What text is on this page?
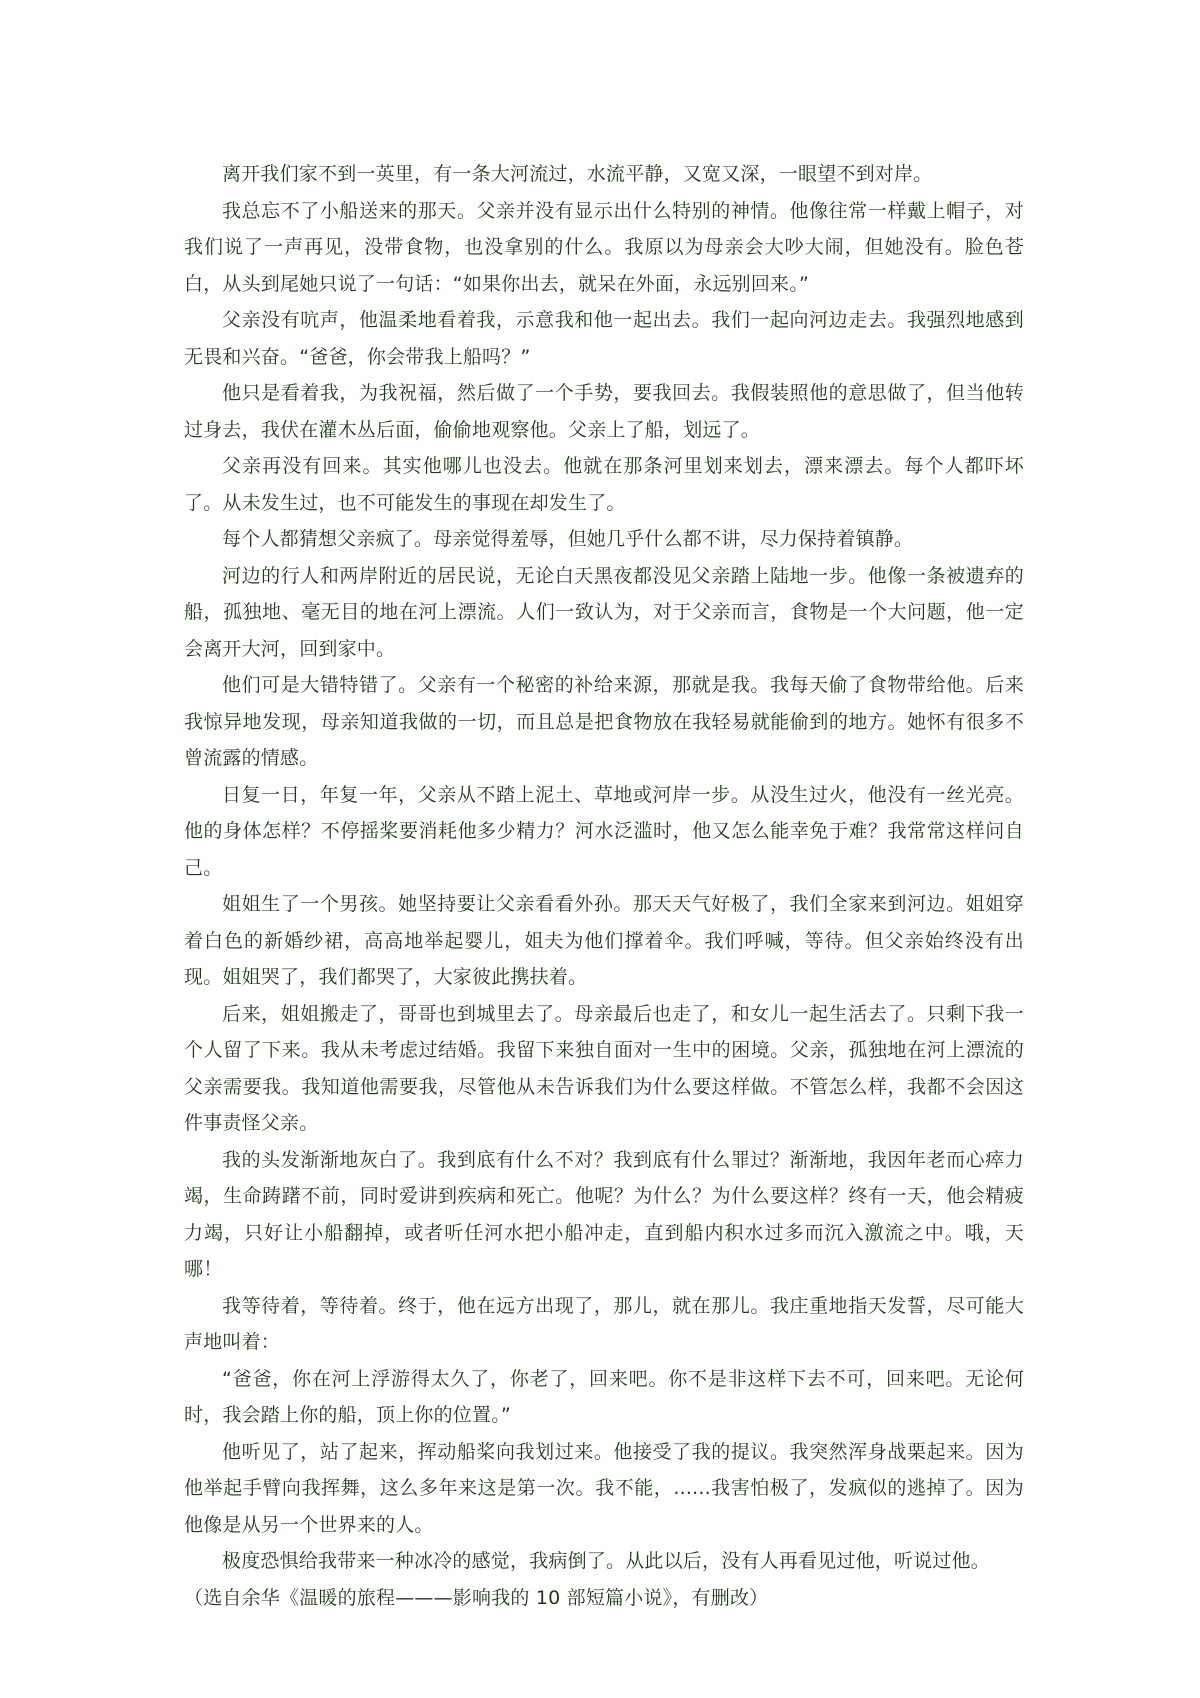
离开我们家不到一英里，有一条大河流过，水流平静，又宽又深，一眼望不到对岸。

我总忘不了小船送来的那天。父亲并没有显示出什么特别的神情。他像往常一样戴上帽子，对我们说了一声再见，没带食物，也没拿别的什么。我原以为母亲会大吵大闹，但她没有。脸色苍白，从头到尾她只说了一句话：“如果你出去，就呆在外面，永远别回来。”

父亲没有吭声，他温柔地看着我，示意我和他一起出去。我们一起向河边走去。我强烈地感到无畏和兴奋。“爸爸，你会带我上船吗？”

他只是看着我，为我祝福，然后做了一个手势，要我回去。我假装照他的意思做了，但当他转过身去，我伏在灌木丛后面，偷偷地观察他。父亲上了船，划远了。

父亲再没有回来。其实他哪儿也没去。他就在那条河里划来划去，漂来漂去。每个人都吓坏了。从未发生过，也不可能发生的事现在却发生了。

每个人都猜想父亲疯了。母亲觉得羞辱，但她几乎什么都不讲，尽力保持着镇静。

河边的行人和两岸附近的居民说，无论白天黑夜都没见父亲踏上陆地一步。他像一条被遗弃的船，孤独地、毫无目的地在河上漂流。人们一致认为，对于父亲而言，食物是一个大问题，他一定会离开大河，回到家中。

他们可是大错特错了。父亲有一个秘密的补给来源，那就是我。我每天偷了食物带给他。后来我惊异地发现，母亲知道我做的一切，而且总是把食物放在我轻易就能偷到的地方。她怀有很多不曾流露的情感。

日复一日，年复一年，父亲从不踏上泥土、草地或河岸一步。从没生过火，他没有一丝光亮。他的身体怎样？不停摇桨要消耗他多少精力？河水泛滥时，他又怎么能幸免于难？我常常这样问自己。

姐姐生了一个男孩。她坚持要让父亲看看外孙。那天天气好极了，我们全家来到河边。姐姐穿着白色的新婚纱裙，高高地举起婴儿，姐夫为他们撑着伞。我们呼喊，等待。但父亲始终没有出现。姐姐哭了，我们都哭了，大家彼此携扶着。

后来，姐姐搬走了，哥哥也到城里去了。母亲最后也走了，和女儿一起生活去了。只剩下我一个人留了下来。我从未考虑过结婚。我留下来独自面对一生中的困境。父亲，孤独地在河上漂流的父亲需要我。我知道他需要我，尽管他从未告诉我们为什么要这样做。不管怎么样，我都不会因这件事责怪父亲。

我的头发渐渐地灰白了。我到底有什么不对？我到底有什么罪过？渐渐地，我因年老而心瘁力竭，生命踌躇不前，同时爱讲到疾病和死亡。他呢？为什么？为什么要这样？终有一天，他会精疲力竭，只好让小船翻掉，或者听任河水把小船冲走，直到船内积水过多而沉入激流之中。哦，天哪！

我等待着，等待着。终于，他在远方出现了，那儿，就在那儿。我庄重地指天发誓，尽可能大声地叫着：

“爸爸，你在河上浮游得太久了，你老了，回来吧。你不是非这样下去不可，回来吧。无论何时，我会踏上你的船，顶上你的位置。”

他听见了，站了起来，挥动船桨向我划过来。他接受了我的提议。我突然浑身战栗起来。因为他举起手臂向我挥舞，这么多年来这是第一次。我不能，......我害怕极了，发疯似的逃掉了。因为他像是从另一个世界来的人。

极度恐惧给我带来一种冰冷的感觉，我病倒了。从此以后，没有人再看见过他，听说过他。

（选自余华《温暖的旅程———影响我的 10 部短篇小说》，有删改）
